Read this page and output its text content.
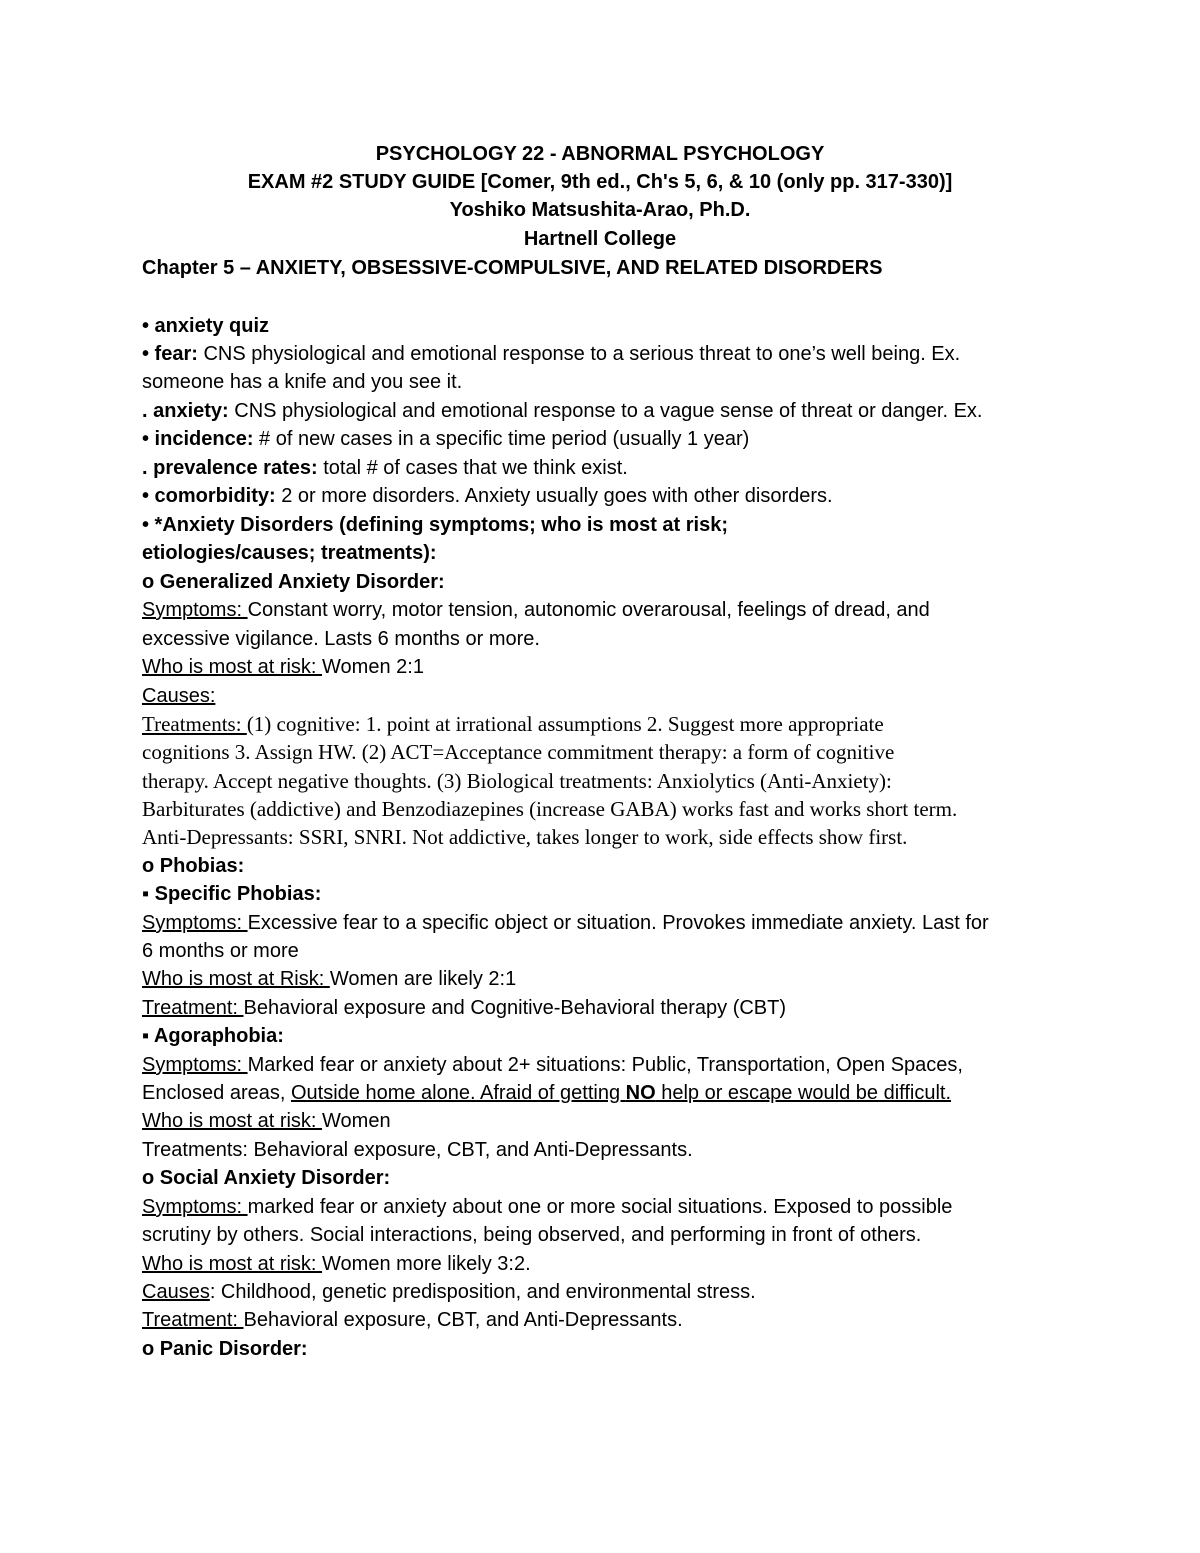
PSYCHOLOGY 22 - ABNORMAL PSYCHOLOGY
EXAM #2 STUDY GUIDE [Comer, 9th ed., Ch's 5, 6, & 10 (only pp. 317-330)]
Yoshiko Matsushita-Arao, Ph.D.
Hartnell College
Chapter 5 – ANXIETY, OBSESSIVE-COMPULSIVE, AND RELATED DISORDERS
• anxiety quiz
• fear: CNS physiological and emotional response to a serious threat to one’s well being. Ex.
someone has a knife and you see it.
. anxiety: CNS physiological and emotional response to a vague sense of threat or danger. Ex.
• incidence: # of new cases in a specific time period (usually 1 year)
. prevalence rates: total # of cases that we think exist.
• comorbidity: 2 or more disorders. Anxiety usually goes with other disorders.
• *Anxiety Disorders (defining symptoms; who is most at risk;
etiologies/causes; treatments):
o Generalized Anxiety Disorder:
Symptoms: Constant worry, motor tension, autonomic overarousal, feelings of dread, and
excessive vigilance. Lasts 6 months or more.
Who is most at risk: Women 2:1
Causes:
Treatments: (1) cognitive: 1. point at irrational assumptions 2. Suggest more appropriate
cognitions 3. Assign HW. (2) ACT=Acceptance commitment therapy: a form of cognitive
therapy. Accept negative thoughts. (3) Biological treatments: Anxiolytics (Anti-Anxiety):
Barbiturates (addictive) and Benzodiazepines (increase GABA) works fast and works short term.
Anti-Depressants: SSRI, SNRI. Not addictive, takes longer to work, side effects show first.
o Phobias:
▪ Specific Phobias:
Symptoms: Excessive fear to a specific object or situation. Provokes immediate anxiety. Last for
6 months or more
Who is most at Risk: Women are likely 2:1
Treatment: Behavioral exposure and Cognitive-Behavioral therapy (CBT)
▪ Agoraphobia:
Symptoms: Marked fear or anxiety about 2+ situations: Public, Transportation, Open Spaces,
Enclosed areas, Outside home alone. Afraid of getting NO help or escape would be difficult.
Who is most at risk: Women
Treatments: Behavioral exposure, CBT, and Anti-Depressants.
o Social Anxiety Disorder:
Symptoms: marked fear or anxiety about one or more social situations. Exposed to possible
scrutiny by others. Social interactions, being observed, and performing in front of others.
Who is most at risk: Women more likely 3:2.
Causes: Childhood, genetic predisposition, and environmental stress.
Treatment: Behavioral exposure, CBT, and Anti-Depressants.
o Panic Disorder:
